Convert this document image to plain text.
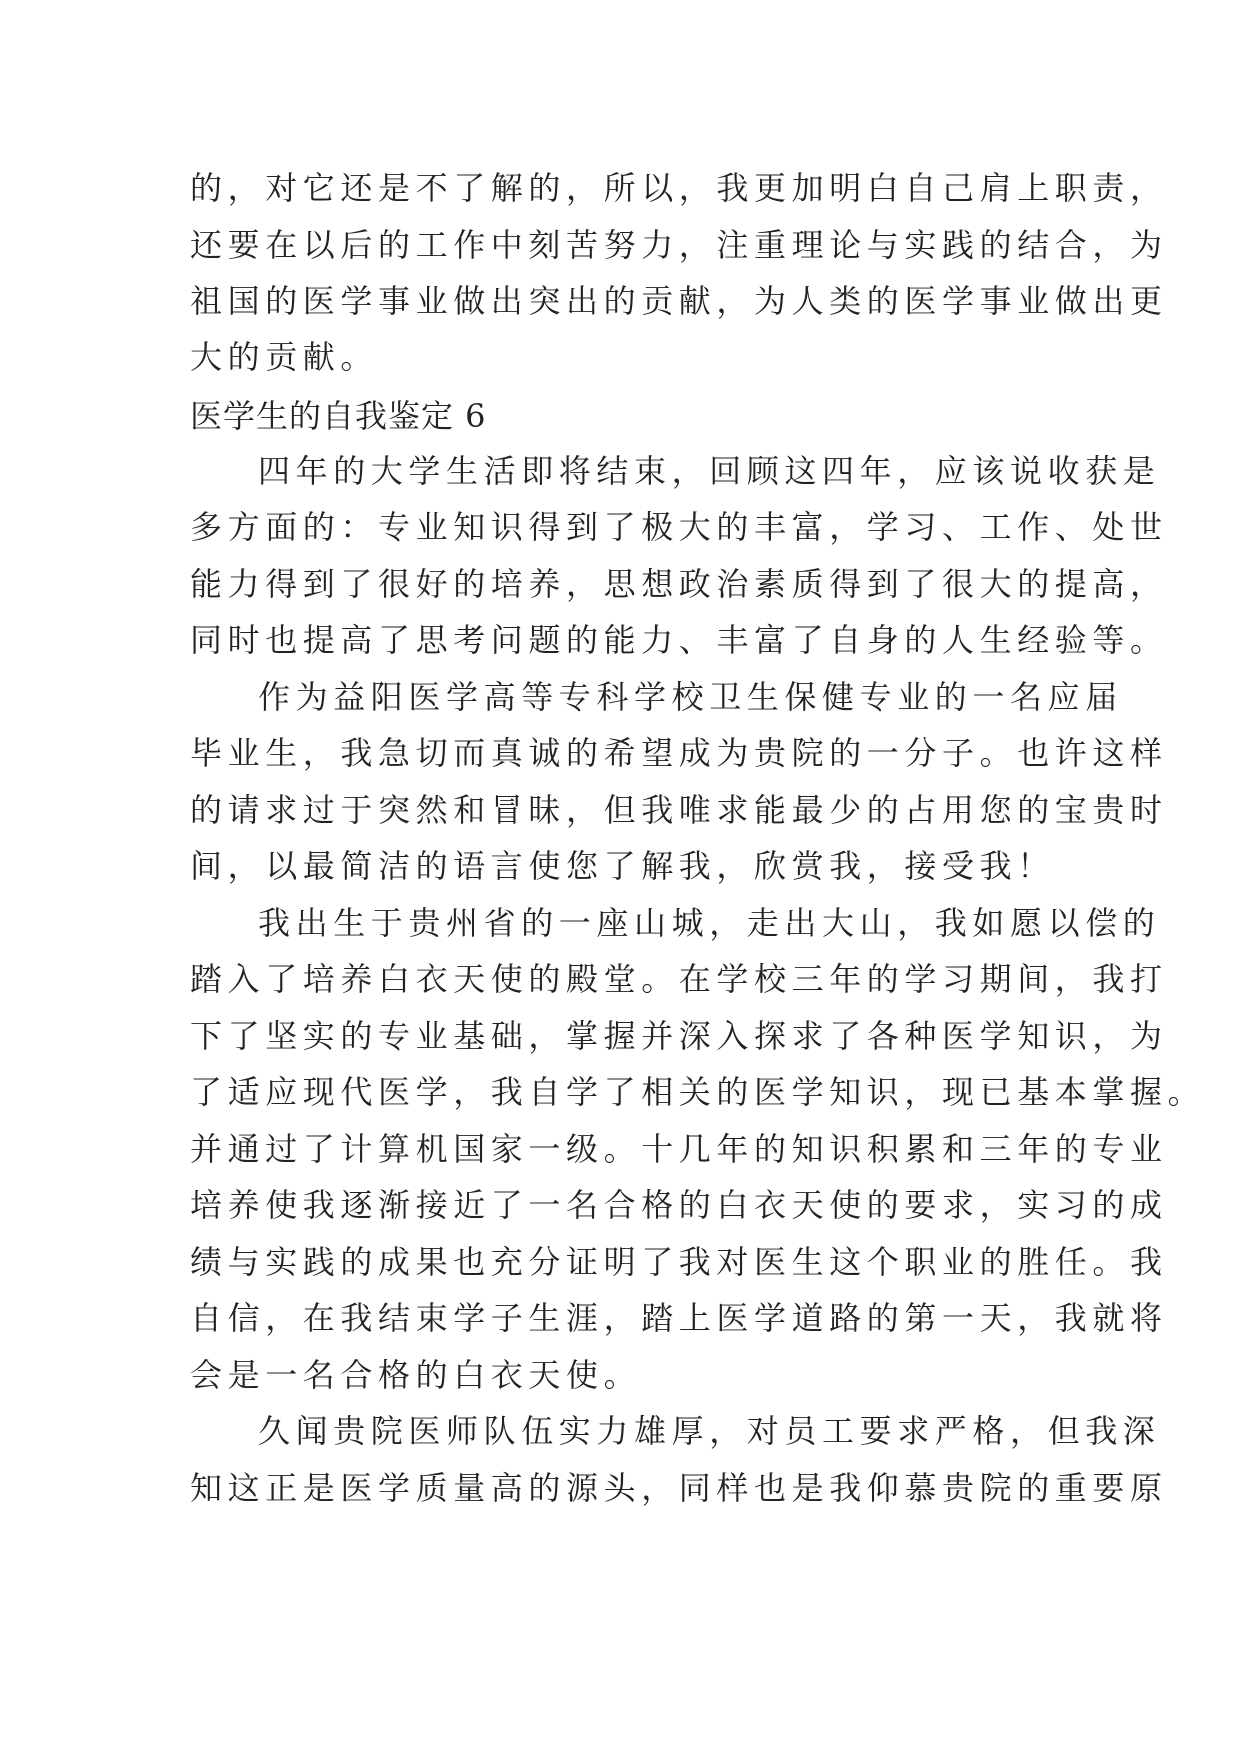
的，对它还是不了解的，所以，我更加明白自己肩上职责，
还要在以后的工作中刻苦努力，注重理论与实践的结合，为
祖国的医学事业做出突出的贡献，为人类的医学事业做出更
大的贡献。
医学生的自我鉴定 6
四年的大学生活即将结束，回顾这四年，应该说收获是
多方面的：专业知识得到了极大的丰富，学习、工作、处世
能力得到了很好的培养，思想政治素质得到了很大的提高，
同时也提高了思考问题的能力、丰富了自身的人生经验等。
作为益阳医学高等专科学校卫生保健专业的一名应届
毕业生，我急切而真诚的希望成为贵院的一分子。也许这样
的请求过于突然和冒昧，但我唯求能最少的占用您的宝贵时
间，以最简洁的语言使您了解我，欣赏我，接受我！
我出生于贵州省的一座山城，走出大山，我如愿以偿的
踏入了培养白衣天使的殿堂。在学校三年的学习期间，我打
下了坚实的专业基础，掌握并深入探求了各种医学知识，为
了适应现代医学，我自学了相关的医学知识，现已基本掌握。
并通过了计算机国家一级。十几年的知识积累和三年的专业
培养使我逐渐接近了一名合格的白衣天使的要求，实习的成
绩与实践的成果也充分证明了我对医生这个职业的胜任。我
自信，在我结束学子生涯，踏上医学道路的第一天，我就将
会是一名合格的白衣天使。
久闻贵院医师队伍实力雄厚，对员工要求严格，但我深
知这正是医学质量高的源头，同样也是我仰慕贵院的重要原
